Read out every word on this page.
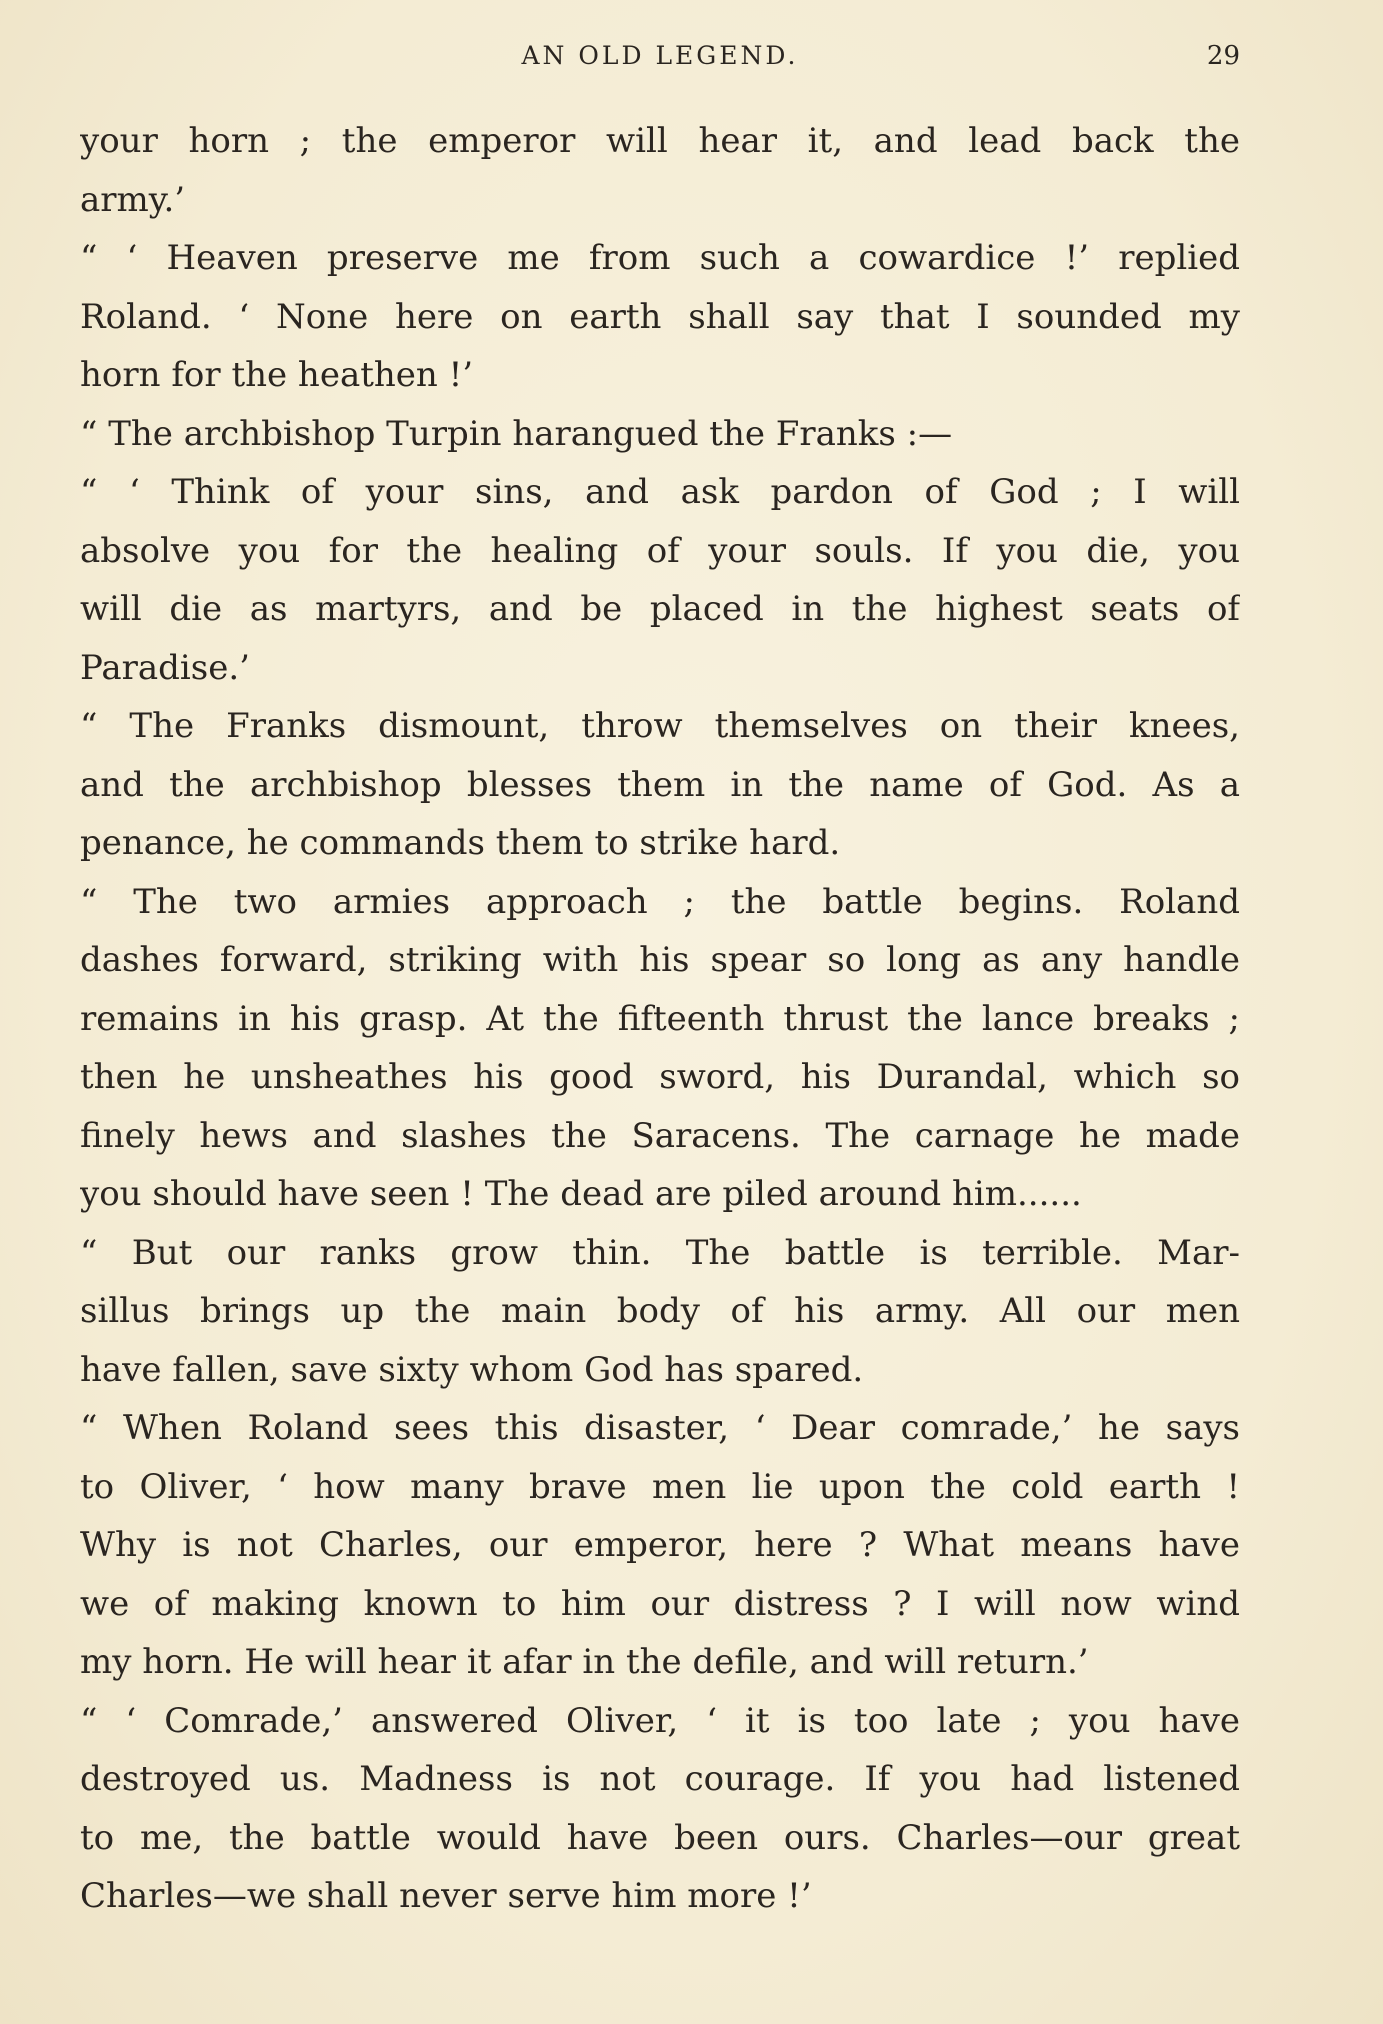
AN OLD LEGEND.	29
your horn ; the emperor will hear it, and lead back the
army.’
“ ‘ Heaven preserve me from such a cowardice !’ replied
Roland. ‘ None here on earth shall say that I sounded my
horn for the heathen !’
“ The archbishop Turpin harangued the Franks :—
“ ‘ Think of your sins, and ask pardon of God ; I will
absolve you for the healing of your souls. If you die, you
will die as martyrs, and be placed in the highest seats of
Paradise.’
“ The Franks dismount, throw themselves on their knees,
and the archbishop blesses them in the name of God. As a
penance, he commands them to strike hard.
“ The two armies approach ; the battle begins. Roland
dashes forward, striking with his spear so long as any handle
remains in his grasp. At the fifteenth thrust the lance breaks ;
then he unsheathes his good sword, his Durandal, which so
finely hews and slashes the Saracens. The carnage he made
you should have seen ! The dead are piled around him......
“ But our ranks grow thin. The battle is terrible. Mar-
sillus brings up the main body of his army. All our men
have fallen, save sixty whom God has spared.
“ When Roland sees this disaster, ‘ Dear comrade,’ he says
to Oliver, ‘ how many brave men lie upon the cold earth !
Why is not Charles, our emperor, here ? What means have
we of making known to him our distress ? I will now wind
my horn. He will hear it afar in the defile, and will return.’
“ ‘ Comrade,’ answered Oliver, ‘ it is too late ; you have
destroyed us. Madness is not courage. If you had listened
to me, the battle would have been ours. Charles—our great
Charles—we shall never serve him more !’
